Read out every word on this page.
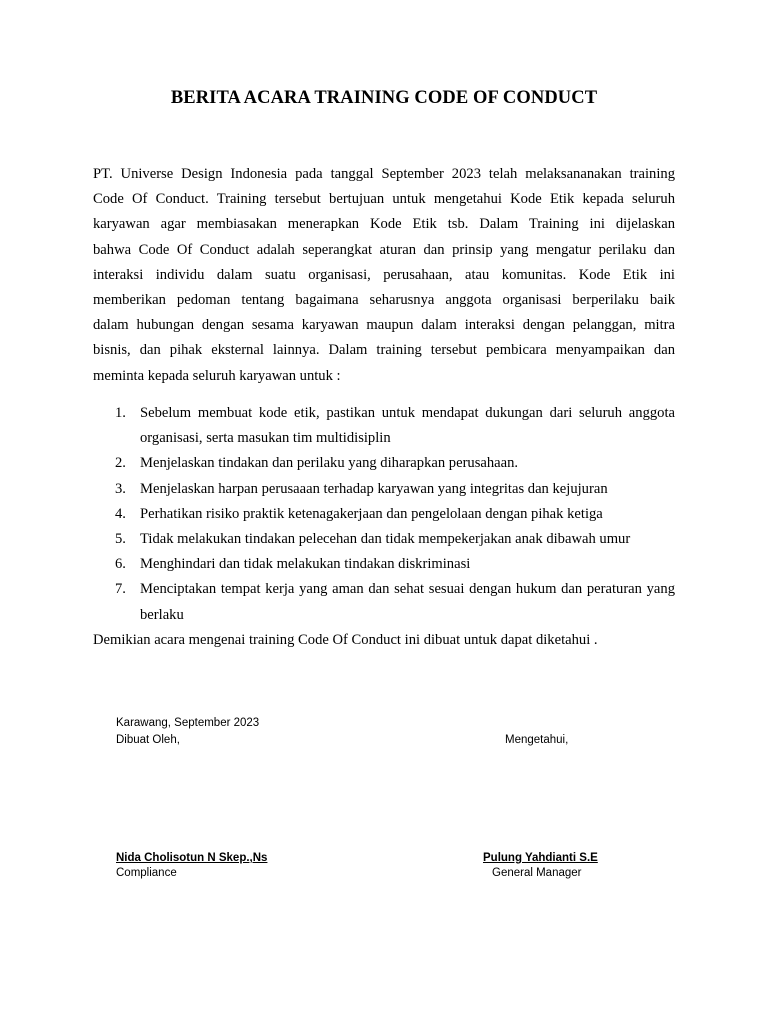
BERITA ACARA TRAINING CODE OF CONDUCT
PT. Universe Design Indonesia pada tanggal September 2023 telah melaksananakan training
Code Of Conduct. Training tersebut bertujuan untuk mengetahui Kode Etik kepada seluruh
karyawan agar membiasakan menerapkan Kode Etik tsb. Dalam Training ini dijelaskan
bahwa Code Of Conduct adalah seperangkat aturan dan prinsip yang mengatur perilaku dan
interaksi individu dalam suatu organisasi, perusahaan, atau komunitas. Kode Etik ini
memberikan pedoman tentang bagaimana seharusnya anggota organisasi berperilaku baik
dalam hubungan dengan sesama karyawan maupun dalam interaksi dengan pelanggan, mitra
bisnis, dan pihak eksternal lainnya. Dalam training tersebut pembicara menyampaikan dan
meminta kepada seluruh karyawan untuk :
1. Sebelum membuat kode etik, pastikan untuk mendapat dukungan dari seluruh anggota organisasi, serta masukan tim multidisiplin
2. Menjelaskan tindakan dan perilaku yang diharapkan perusahaan.
3. Menjelaskan harpan perusaaan terhadap karyawan yang integritas dan kejujuran
4. Perhatikan risiko praktik ketenagakerjaan dan pengelolaan dengan pihak ketiga
5. Tidak melakukan tindakan pelecehan dan tidak mempekerjakan anak dibawah umur
6. Menghindari dan tidak melakukan tindakan diskriminasi
7. Menciptakan tempat kerja yang aman dan sehat sesuai dengan hukum dan peraturan yang berlaku
Demikian acara mengenai training Code Of Conduct ini dibuat untuk dapat diketahui .
Karawang, September 2023
Dibuat Oleh,	Mengetahui,
Nida Cholisotun N Skep.,Ns
Compliance
Pulung Yahdianti S.E
General Manager
